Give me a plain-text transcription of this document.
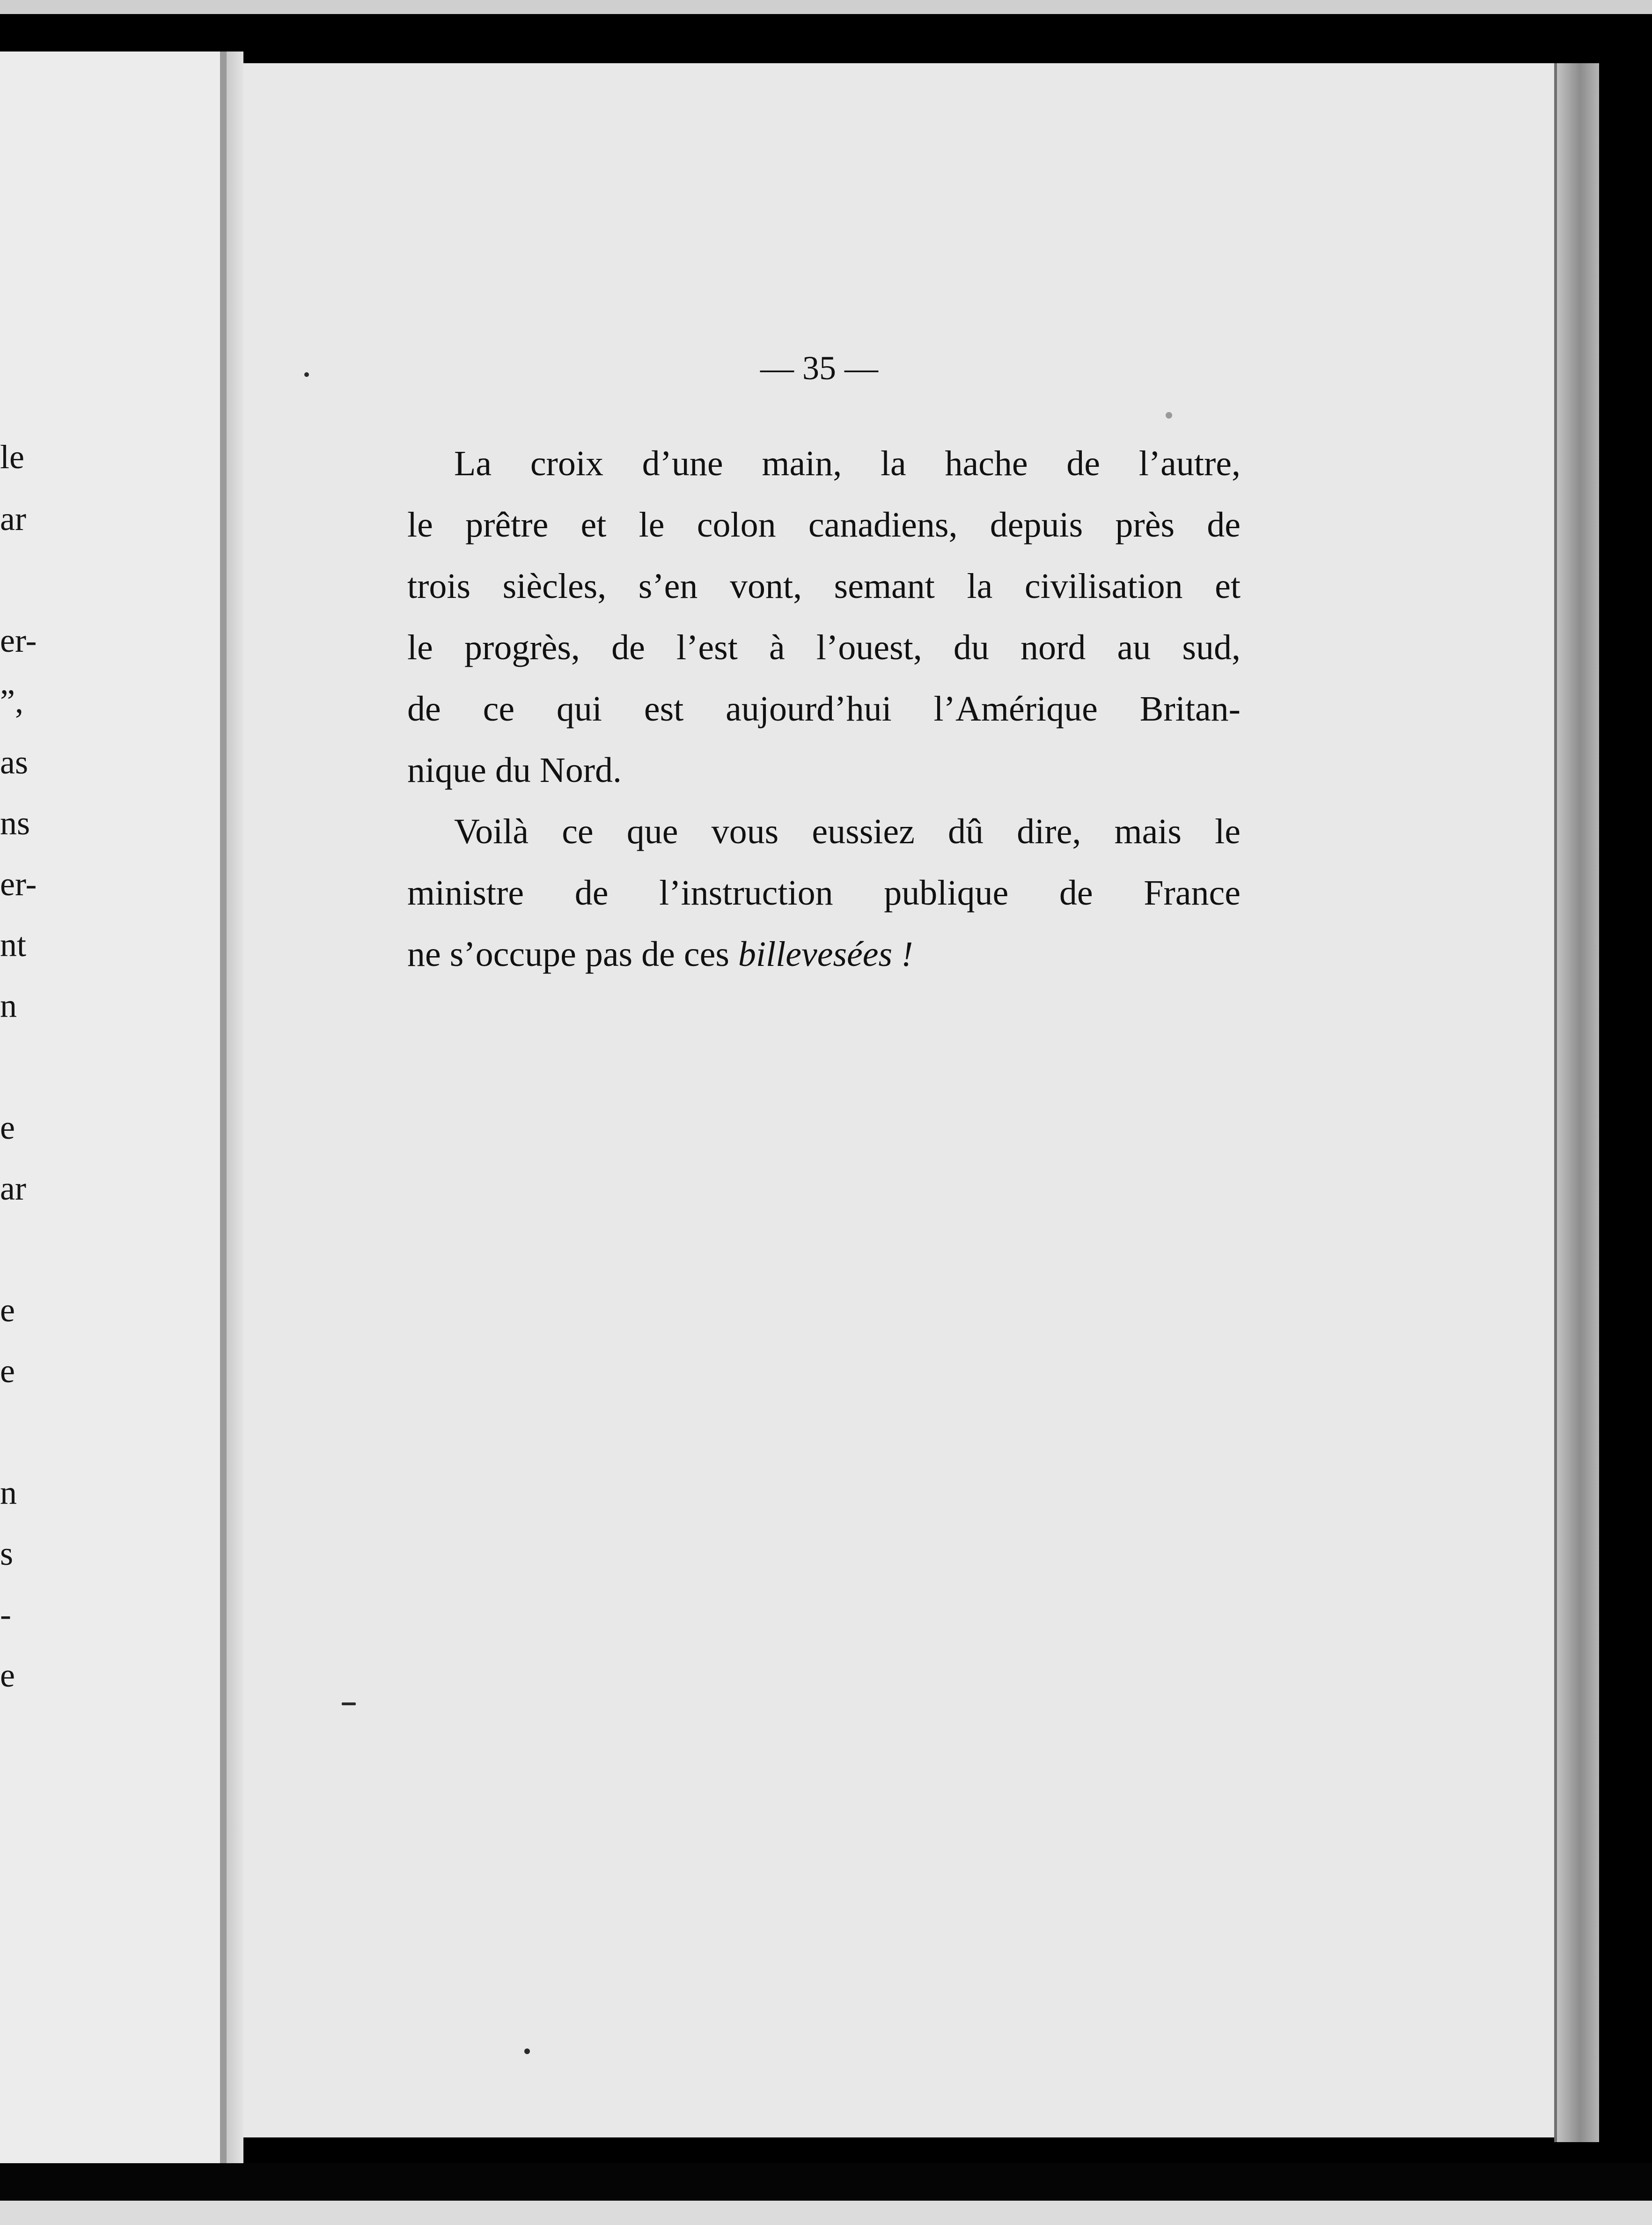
le
ar
er-
”,
as
ns
er-
nt
n
e
ar
e
e
n
s
-
e
— 35 —
La croix d’une main, la hache de l’autre,
le prêtre et le colon canadiens, depuis près de
trois siècles, s’en vont, semant la civilisation et
le progrès, de l’est à l’ouest, du nord au sud,
de ce qui est aujourd’hui l’Amérique Britan-
nique du Nord.
Voilà ce que vous eussiez dû dire, mais le
ministre de l’instruction publique de France
ne s’occupe pas de ces billevesées !
